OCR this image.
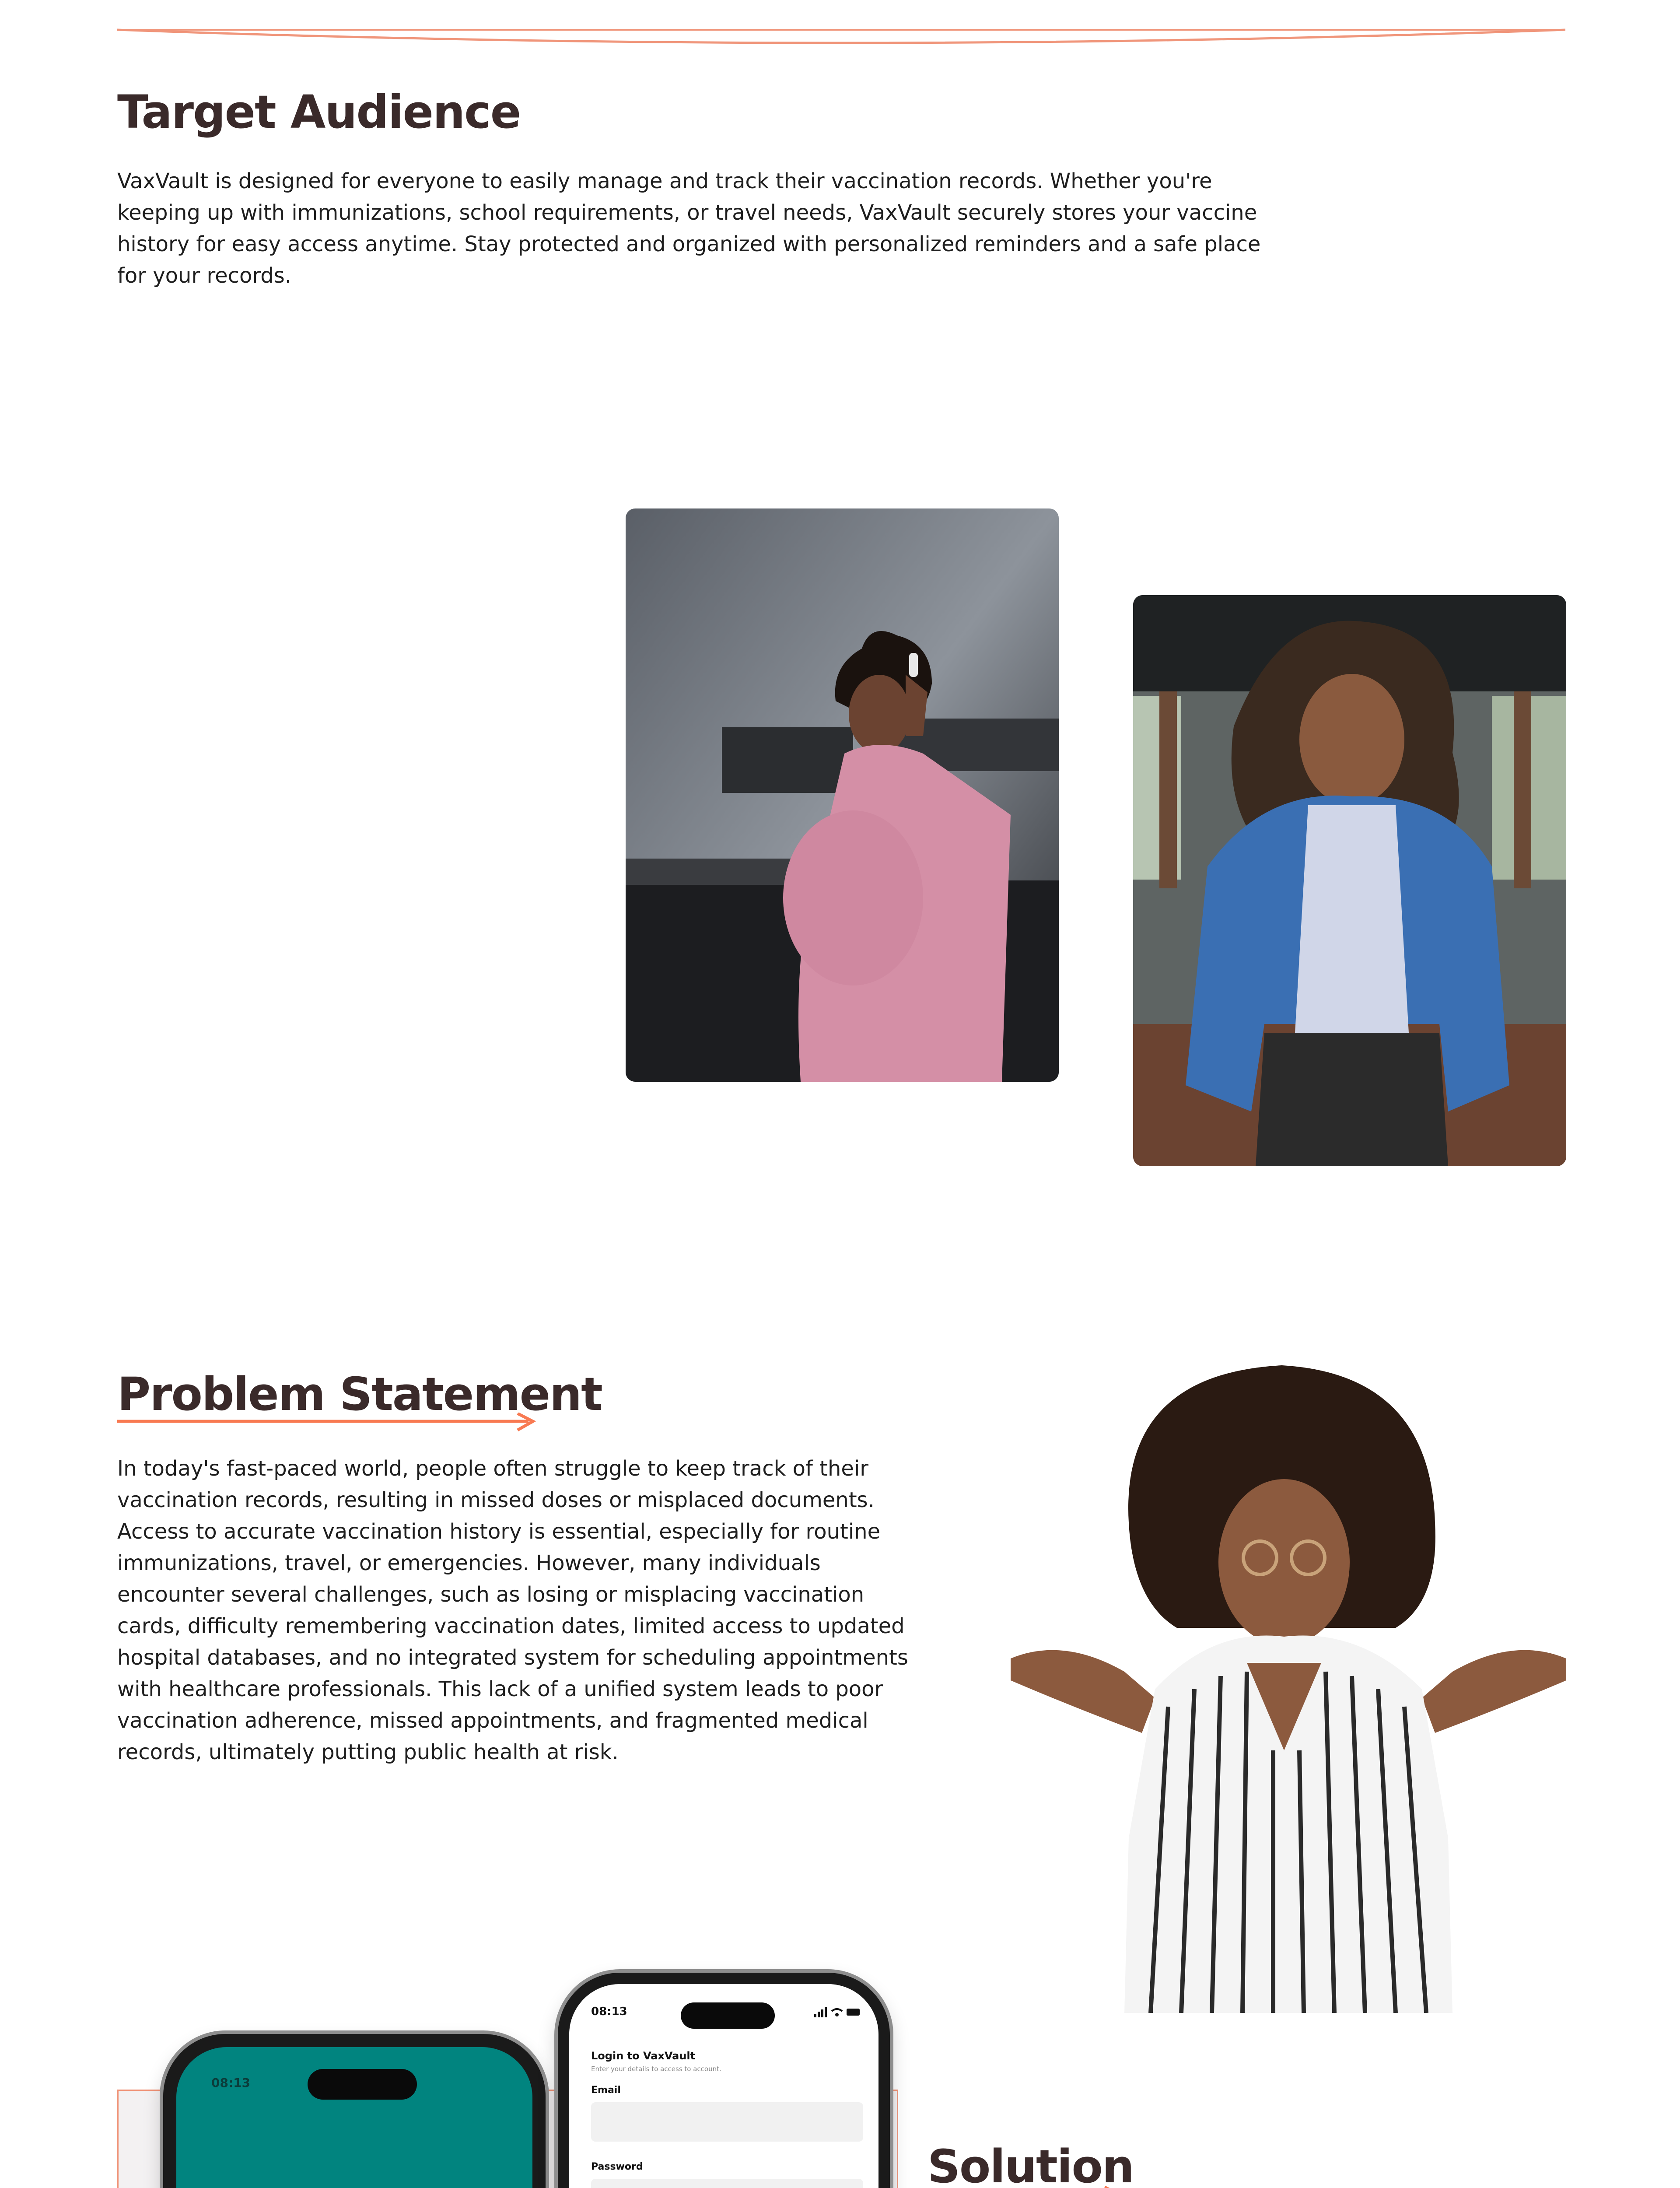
Target Audience

VaxVault is designed for everyone to easily manage and track their vaccination records. Whether you're keeping up with immunizations, school requirements, or travel needs, VaxVault securely stores your vaccine history for easy access anytime. Stay protected and organized with personalized reminders and a safe place for your records.

Problem Statement

In today's fast-paced world, people often struggle to keep track of their vaccination records, resulting in missed doses or misplaced documents. Access to accurate vaccination history is essential, especially for routine immunizations, travel, or emergencies. However, many individuals encounter several challenges, such as losing or misplacing vaccination cards, difficulty remembering vaccination dates, limited access to updated hospital databases, and no integrated system for scheduling appointments with healthcare professionals. This lack of a unified system leads to poor vaccination adherence, missed appointments, and fragmented medical records, ultimately putting public health at risk.

08:13
08:13
Login to VaxVault
Enter your details to access to account.
Email
Password	Solution
